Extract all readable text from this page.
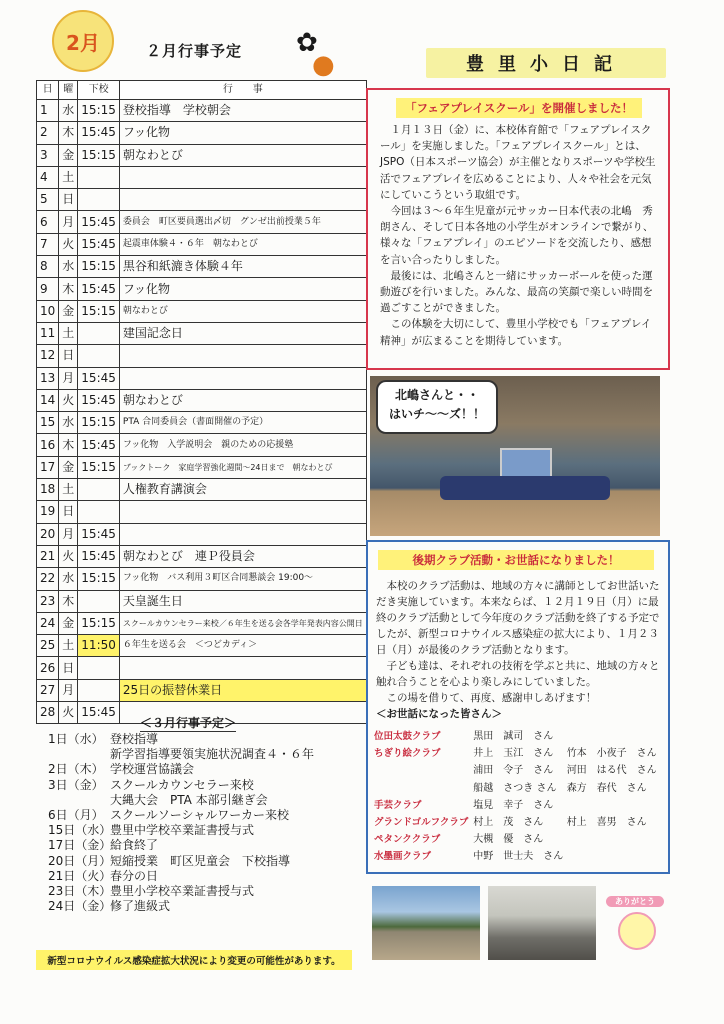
2月	✿
●
２月行事予定
日	曜	下校	行　　事
1	水	15:15	登校指導　学校朝会
2	木	15:45	フッ化物
3	金	15:15	朝なわとび
4	土		
5	日		
6	月	15:45	委員会　町区要員選出〆切　グンゼ出前授業５年
7	火	15:45	起震車体験４・６年　朝なわとび
8	水	15:15	黒谷和紙漉き体験４年
9	木	15:45	フッ化物
10	金	15:15	朝なわとび
11	土		建国記念日
12	日		
13	月	15:45	
14	火	15:45	朝なわとび
15	水	15:15	PTA 合同委員会（書面開催の予定）
16	木	15:45	フッ化物　入学説明会　親のための応援塾
17	金	15:15	ブックトーク　家庭学習強化週間～24日まで　朝なわとび
18	土		人権教育講演会
19	日		
20	月	15:45	
21	火	15:45	朝なわとび　連Ｐ役員会
22	水	15:15	フッ化物　バス利用３町区合同懇談会 19:00～
23	木		天皇誕生日
24	金	15:15	スクールカウンセラー来校／６年生を送る会各学年発表内容公開日
25	土	11:50	６年生を送る会　＜つどカディ＞
26	日		
27	月		25日の振替休業日
28	火	15:45	
＜３月行事予定＞
1日（水） 登校指導
新学習指導要領実施状況調査４・６年
2日（木） 学校運営協議会
3日（金） スクールカウンセラー来校
大縄大会　PTA 本部引継ぎ会
6日（月） スクールソーシャルワーカー来校
15日（水）
豊里中学校卒業証書授与式
17日（金）
給食終了
20日（月）
短縮授業　町区児童会　下校指導
21日（火）
春分の日
23日（木）
豊里小学校卒業証書授与式
24日（金）
修了進級式
新型コロナウイルス感染症拡大状況により変更の可能性があります。
豊里小日記
「フェアプレイスクール」を開催しました！
１月１３日（金）に、本校体育館で「フェアプレイスクール」を実施しました。「フェアプレイスクール」とは、JSPO（日本スポーツ協会）が主催となりスポーツや学校生活でフェアプレイを広めることにより、人々や社会を元気にしていこうという取組です。
今回は３～６年生児童が元サッカー日本代表の北嶋　秀朗さん、そして日本各地の小学生がオンラインで繋がり、様々な「フェアプレイ」のエピソードを交流したり、感想を言い合ったりしました。
最後には、北嶋さんと一緒にサッカーボールを使った運動遊びを行いました。みんな、最高の笑顔で楽しい時間を過ごすことができました。
この体験を大切にして、豊里小学校でも「フェアプレイ精神」が広まることを期待しています。
北嶋さんと・・
はいチ～～ズ！！
後期クラブ活動・お世話になりました！
本校のクラブ活動は、地域の方々に講師としてお世話いただき実施しています。本来ならば、１２月１９日（月）に最終のクラブ活動として今年度のクラブ活動を終了する予定でしたが、新型コロナウイルス感染症の拡大により、１月２３日（月）が最後のクラブ活動となります。
子ども達は、それぞれの技術を学ぶと共に、地域の方々と触れ合うことを心より楽しみにしていました。
この場を借りて、再度、感謝申しあげます！
＜お世話になった皆さん＞
位田太鼓クラブ	黒田　誠司　さん
ちぎり絵クラブ	井上　玉江　さん	竹本　小夜子　さん
浦田　令子　さん	河田　はる代　さん
船越　さつき さん	森方　春代　さん
手芸クラブ	塩見　幸子　さん
グランドゴルフクラブ 村上　茂　さん	村上　喜男　さん
ペタンククラブ	大槻　優　さん
水墨画クラブ	中野　世士夫　さん
ありがとう
